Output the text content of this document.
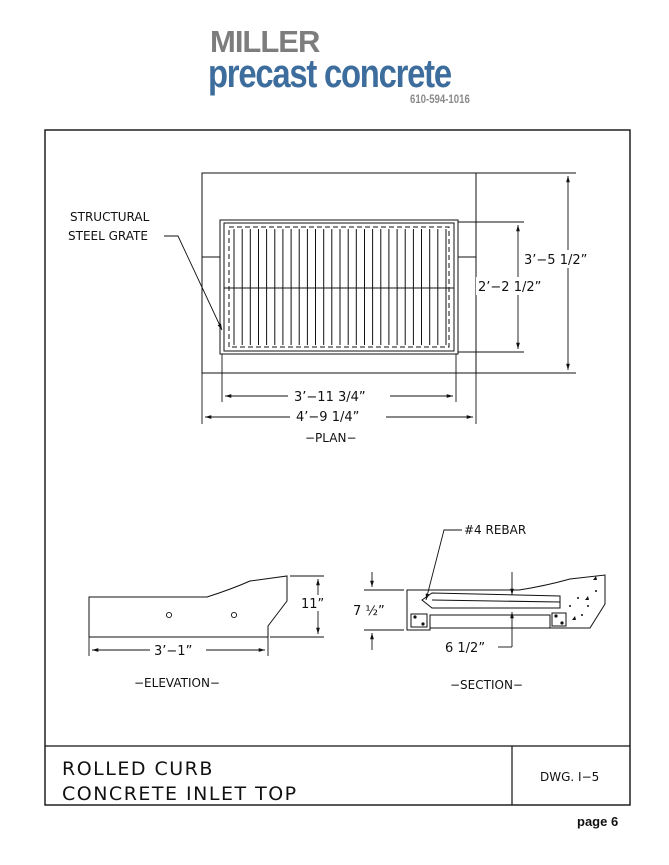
MILLER
precast concrete
610-594-1016
STRUCTURAL
STEEL GRATE
3’−5 1/2”
2’−2 1/2”
3’−11 3/4”
4’−9 1/4”
−PLAN−
11”
3’−1”
−ELEVATION−
#4 REBAR
7 ½”
6 1/2”
−SECTION−
ROLLED CURB
CONCRETE INLET TOP
DWG. I−5
page 6
